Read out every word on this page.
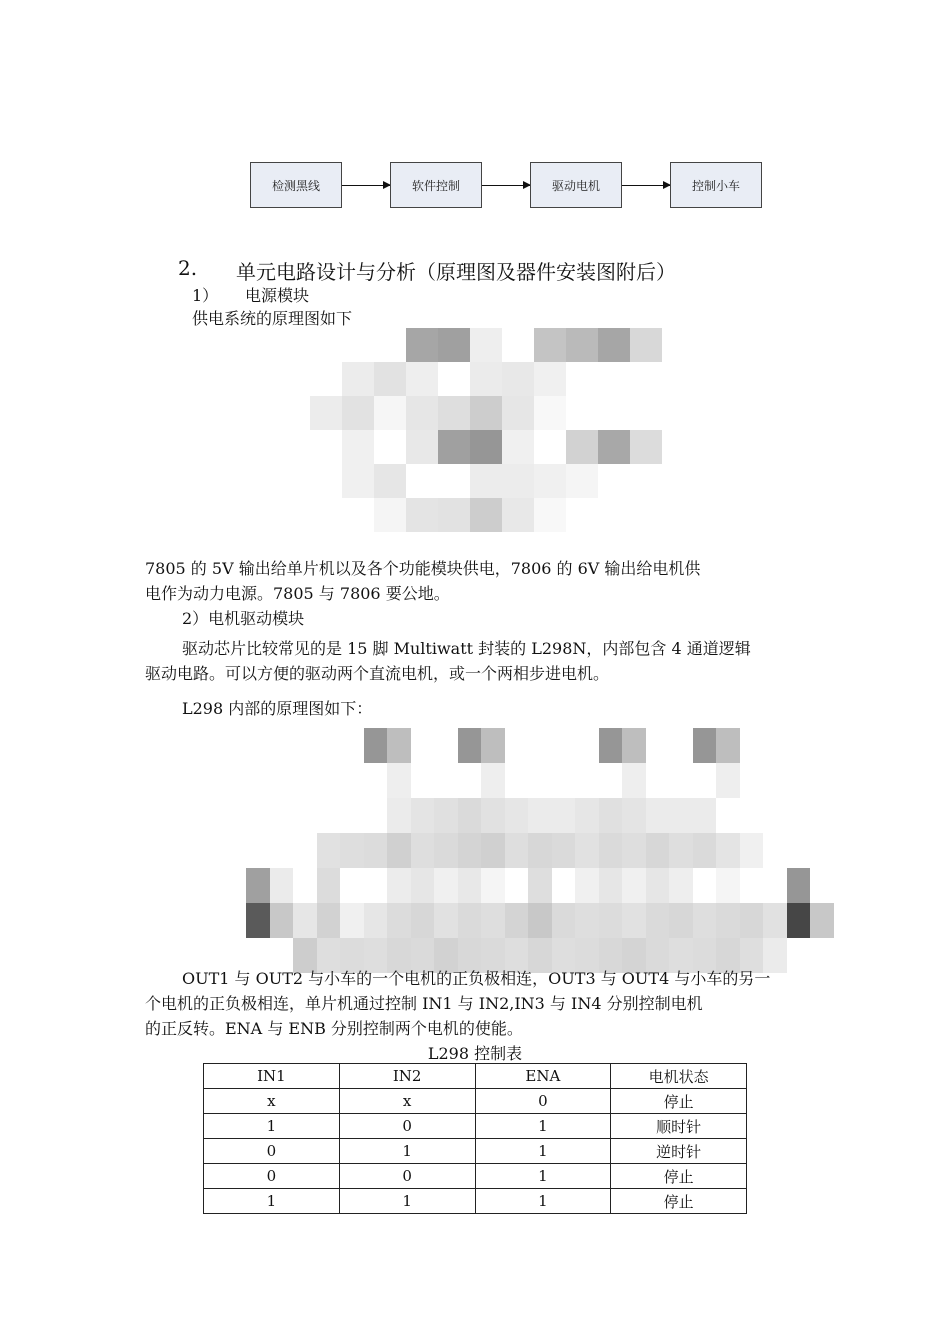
检测黑线	软件控制	驱动电机	控制小车
2. 单元电路设计与分析（原理图及器件安装图附后）
1） 电源模块
供电系统的原理图如下
7805 的 5V 输出给单片机以及各个功能模块供电，7806 的 6V 输出给电机供
电作为动力电源。7805 与 7806 要公地。
2）电机驱动模块
驱动芯片比较常见的是 15 脚 Multiwatt 封装的 L298N，内部包含 4 通道逻辑
驱动电路。可以方便的驱动两个直流电机，或一个两相步进电机。
L298 内部的原理图如下：
OUT1 与 OUT2 与小车的一个电机的正负极相连，OUT3 与 OUT4 与小车的另一
个电机的正负极相连，单片机通过控制 IN1 与 IN2,IN3 与 IN4 分别控制电机
的正反转。ENA 与 ENB 分别控制两个电机的使能。
L298 控制表
IN1	IN2	ENA	电机状态
x	x	0	停止
1	0	1	顺时针
0	1	1	逆时针
0	0	1	停止
1	1	1	停止
